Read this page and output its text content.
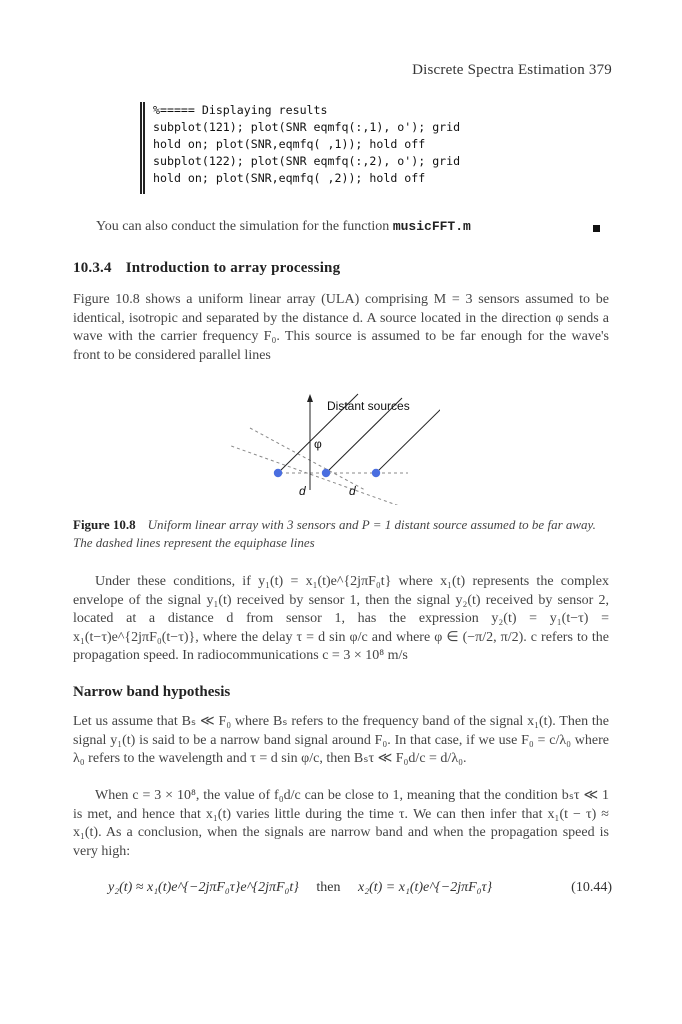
Discrete Spectra Estimation 379
%===== Displaying results
subplot(121); plot(SNR eqmfq(:,1), o'); grid
hold on; plot(SNR,eqmfq( ,1)); hold off
subplot(122); plot(SNR eqmfq(:,2), o'); grid
hold on; plot(SNR,eqmfq( ,2)); hold off
You can also conduct the simulation for the function musicFFT.m
10.3.4 Introduction to array processing
Figure 10.8 shows a uniform linear array (ULA) comprising M = 3 sensors assumed to be identical, isotropic and separated by the distance d. A source located in the direction φ sends a wave with the carrier frequency F₀. This source is assumed to be far enough for the wave's front to be considered parallel lines
Distant sources
φ
d	d
Figure 10.8 Uniform linear array with 3 sensors and P = 1 distant source assumed to be far away. The dashed lines represent the equiphase lines
Under these conditions, if y₁(t) = x₁(t)e^{2jπF₀t} where x₁(t) represents the complex envelope of the signal y₁(t) received by sensor 1, then the signal y₂(t) received by sensor 2, located at a distance d from sensor 1, has the expression y₂(t) = y₁(t−τ) = x₁(t−τ)e^{2jπF₀(t−τ)}, where the delay τ = d sin φ/c and where φ ∈ (−π/2, π/2). c refers to the propagation speed. In radiocommunications c = 3 × 10⁸ m/s
Narrow band hypothesis
Let us assume that Bₛ ≪ F₀ where Bₛ refers to the frequency band of the signal x₁(t). Then the signal y₁(t) is said to be a narrow band signal around F₀. In that case, if we use F₀ = c/λ₀ where λ₀ refers to the wavelength and τ = d sin φ/c, then Bₛτ ≪ F₀d/c = d/λ₀.
When c = 3 × 10⁸, the value of f₀d/c can be close to 1, meaning that the condition bₛτ ≪ 1 is met, and hence that x₁(t) varies little during the time τ. We can then infer that x₁(t − τ) ≈ x₁(t). As a conclusion, when the signals are narrow band and when the propagation speed is very high:
y₂(t) ≈ x₁(t)e^{−2jπF₀τ}e^{2jπF₀t} then x₂(t) = x₁(t)e^{−2jπF₀τ}	(10.44)
